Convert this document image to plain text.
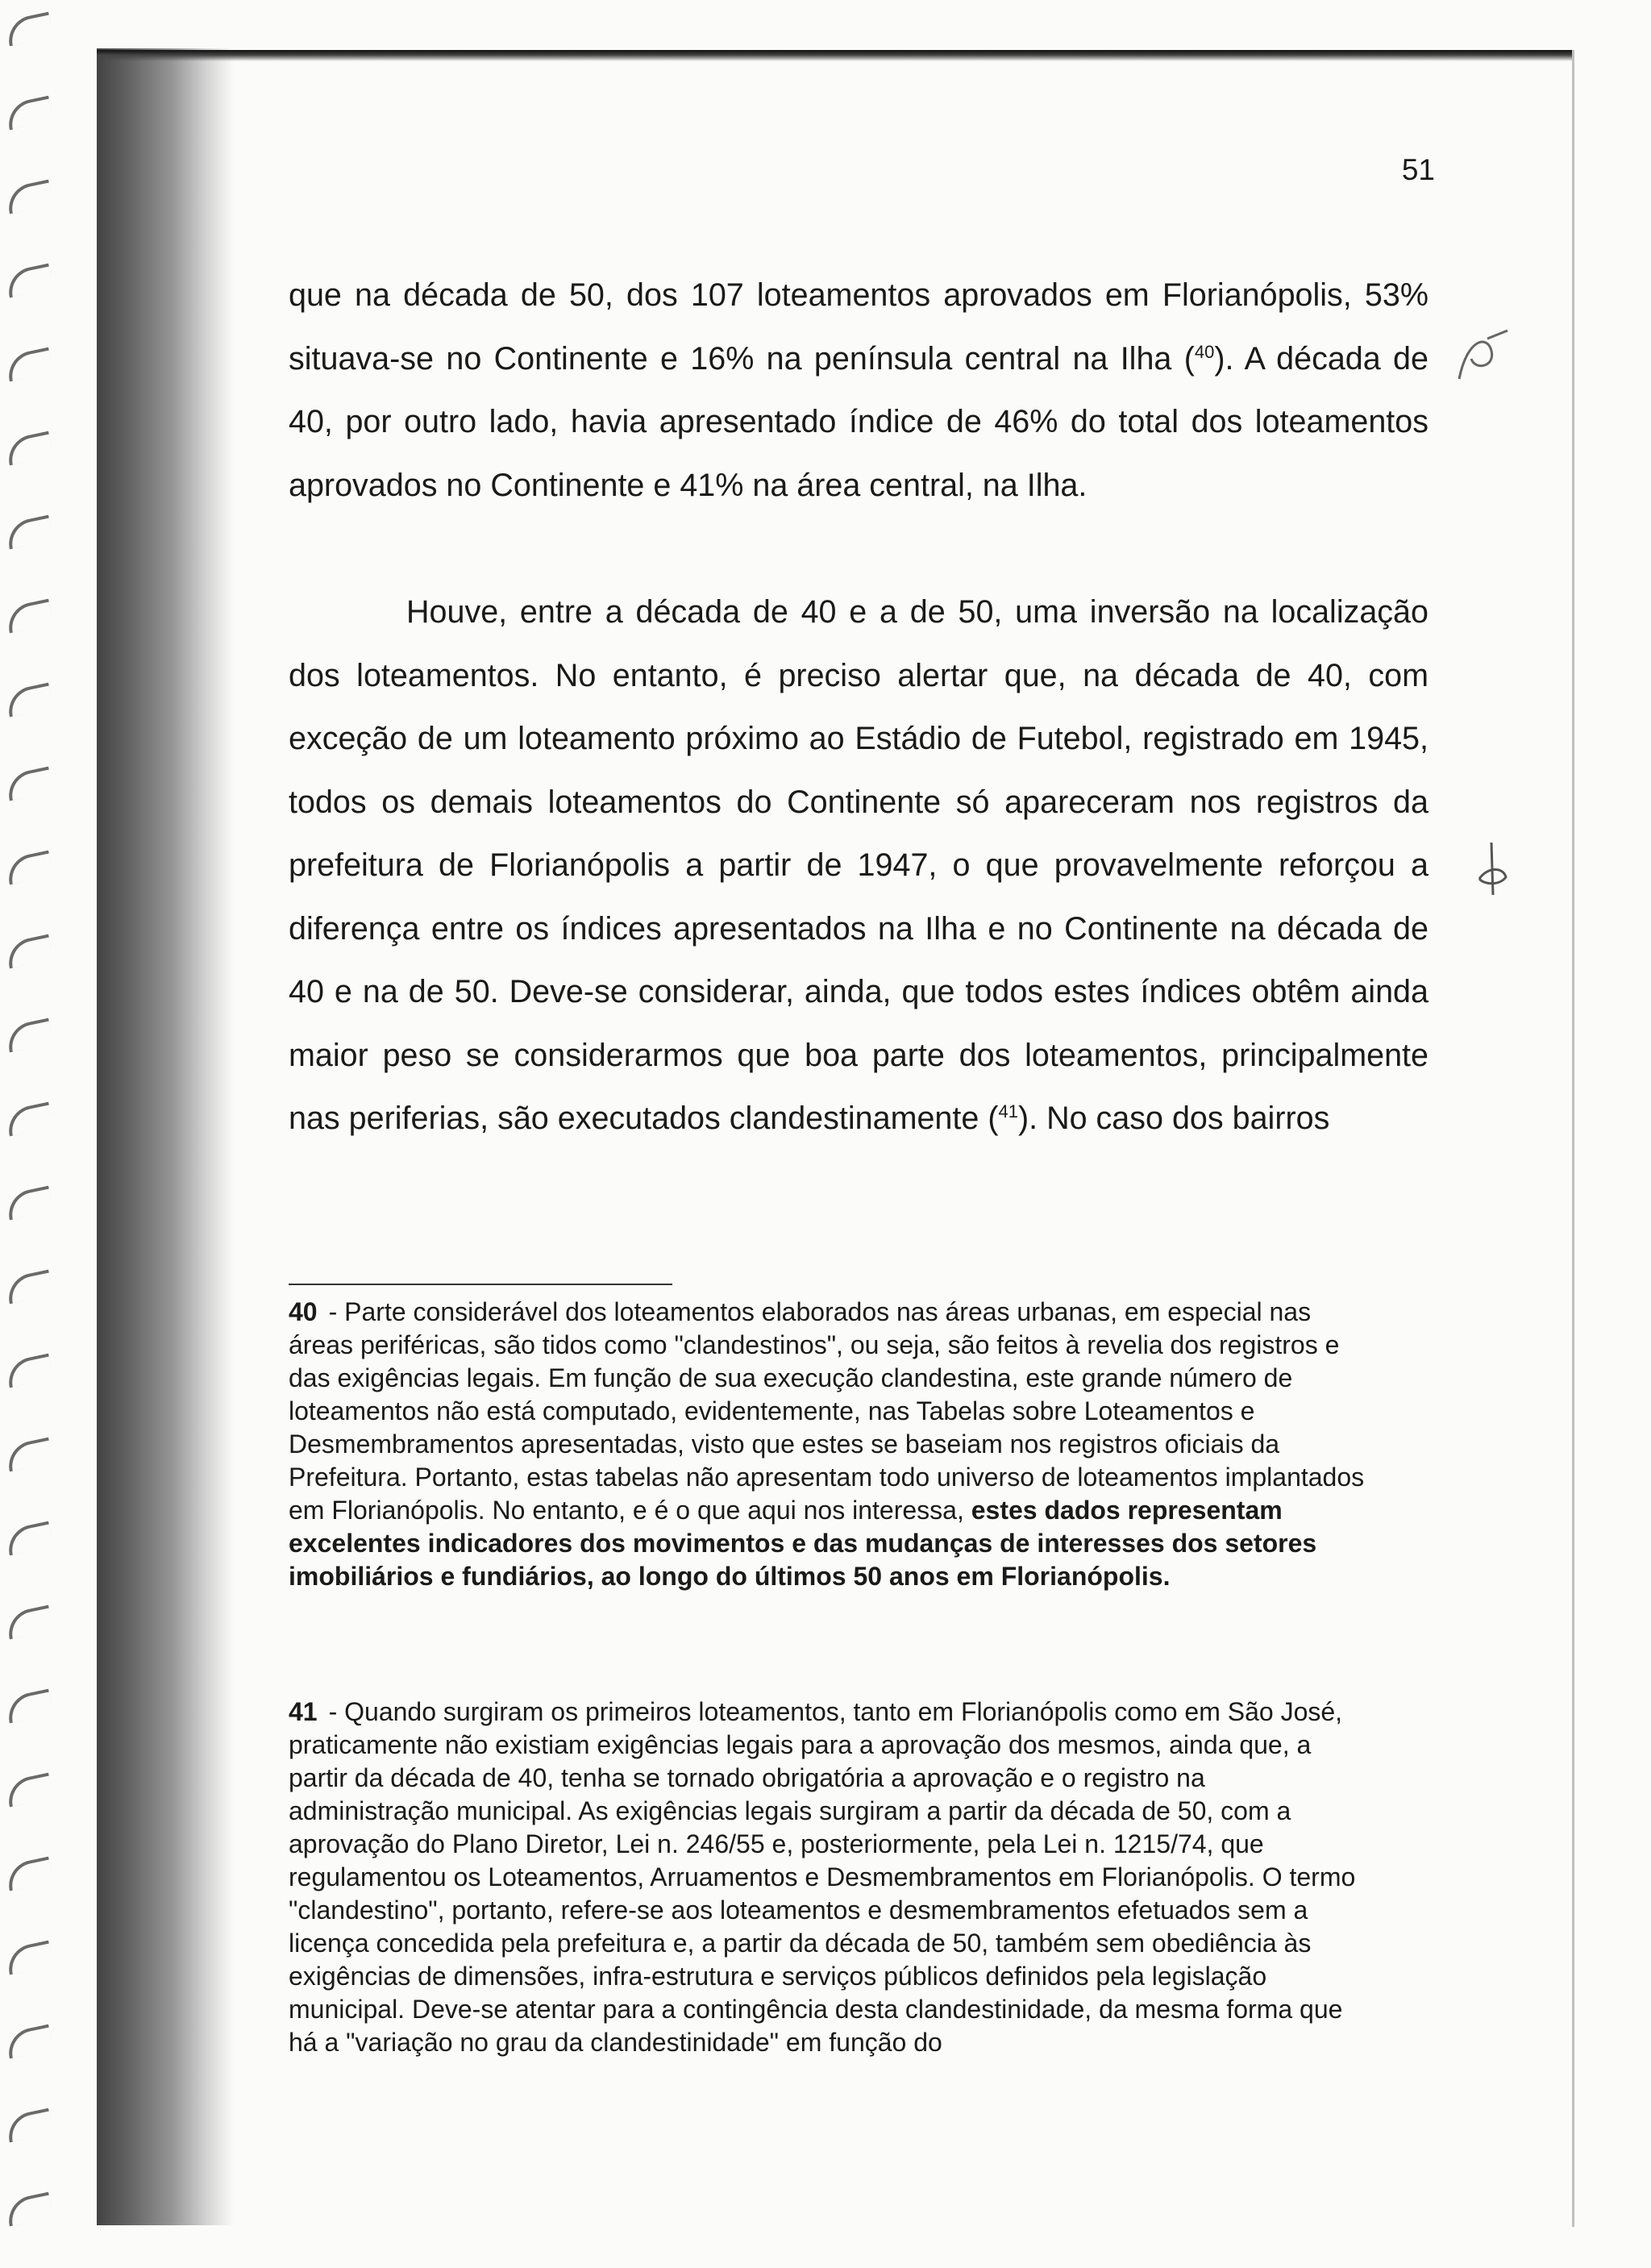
51

que na década de 50, dos 107 loteamentos aprovados em Florianópolis, 53% situava-se no Continente e 16% na península central na Ilha ($^{40}$). A década de 40, por outro lado, havia apresentado índice de 46% do total dos loteamentos aprovados no Continente e 41% na área central, na Ilha.

Houve, entre a década de 40 e a de 50, uma inversão na localização dos loteamentos. No entanto, é preciso alertar que, na década de 40, com exceção de um loteamento próximo ao Estádio de Futebol, registrado em 1945, todos os demais loteamentos do Continente só apareceram nos registros da prefeitura de Florianópolis a partir de 1947, o que provavelmente reforçou a diferença entre os índices apresentados na Ilha e no Continente na década de 40 e na de 50. Deve-se considerar, ainda, que todos estes índices obtêm ainda maior peso se considerarmos que boa parte dos loteamentos, principalmente nas periferias, são executados clandestinamente ($^{41}$). No caso dos bairros

40 - Parte considerável dos loteamentos elaborados nas áreas urbanas, em especial nas áreas periféricas, são tidos como "clandestinos", ou seja, são feitos à revelia dos registros e das exigências legais. Em função de sua execução clandestina, este grande número de loteamentos não está computado, evidentemente, nas Tabelas sobre Loteamentos e Desmembramentos apresentadas, visto que estes se baseiam nos registros oficiais da Prefeitura. Portanto, estas tabelas não apresentam todo universo de loteamentos implantados em Florianópolis. No entanto, e é o que aqui nos interessa, estes dados representam excelentes indicadores dos movimentos e das mudanças de interesses dos setores imobiliários e fundiários, ao longo do últimos 50 anos em Florianópolis.

41 - Quando surgiram os primeiros loteamentos, tanto em Florianópolis como em São José, praticamente não existiam exigências legais para a aprovação dos mesmos, ainda que, a partir da década de 40, tenha se tornado obrigatória a aprovação e o registro na administração municipal. As exigências legais surgiram a partir da década de 50, com a aprovação do Plano Diretor, Lei n. 246/55 e, posteriormente, pela Lei n. 1215/74, que regulamentou os Loteamentos, Arruamentos e Desmembramentos em Florianópolis. O termo "clandestino", portanto, refere-se aos loteamentos e desmembramentos efetuados sem a licença concedida pela prefeitura e, a partir da década de 50, também sem obediência às exigências de dimensões, infra-estrutura e serviços públicos definidos pela legislação municipal. Deve-se atentar para a contingência desta clandestinidade, da mesma forma que há a "variação no grau da clandestinidade" em função do
